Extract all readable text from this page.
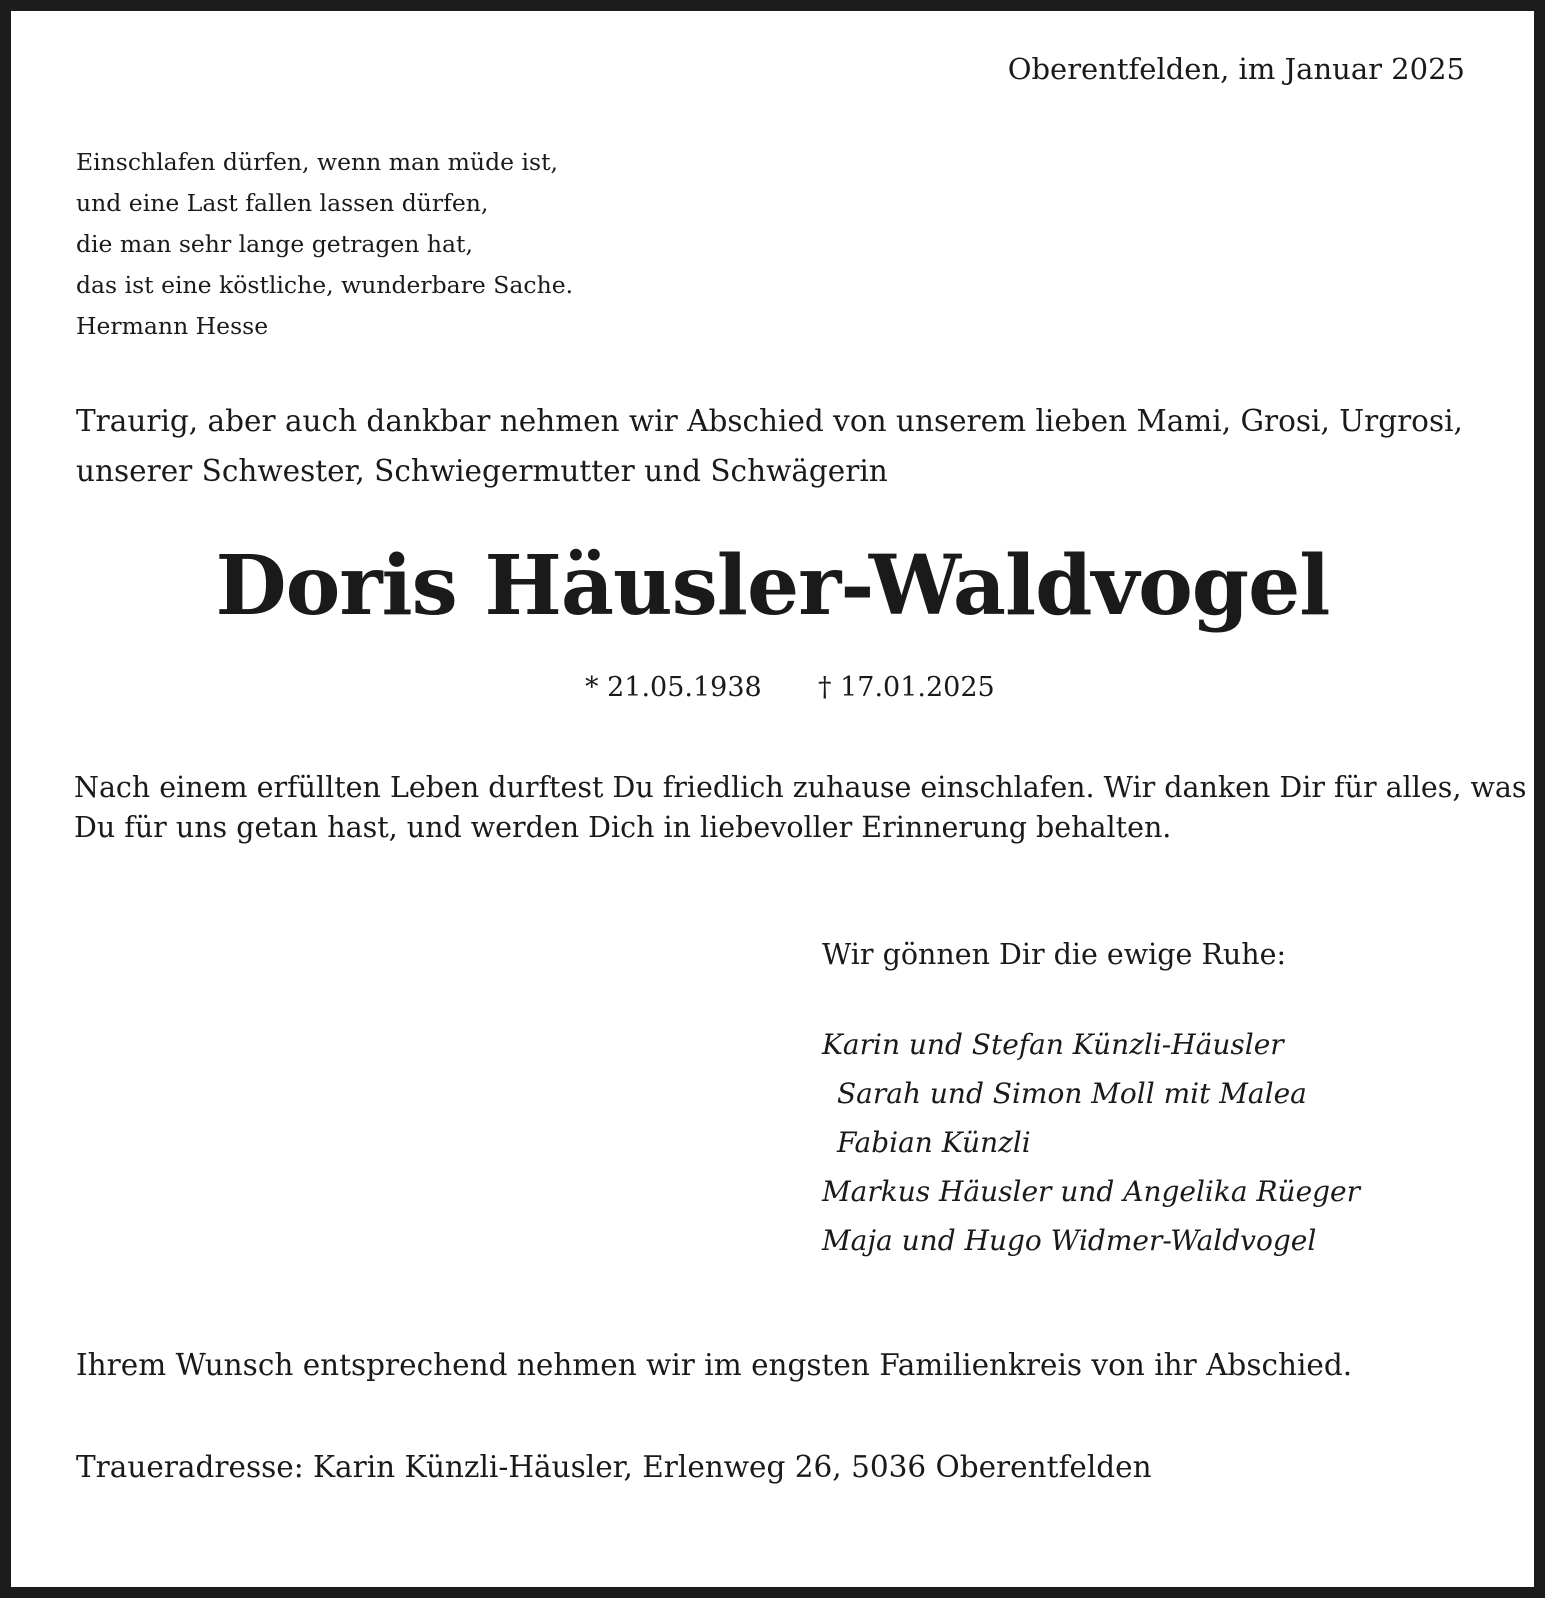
Oberentfelden, im Januar 2025

Einschlafen dürfen, wenn man müde ist,
und eine Last fallen lassen dürfen,
die man sehr lange getragen hat,
das ist eine köstliche, wunderbare Sache.
Hermann Hesse
Traurig, aber auch dankbar nehmen wir Abschied von unserem lieben Mami, Grosi, Urgrosi,
unserer Schwester, Schwiegermutter und Schwägerin
Doris Häusler-Waldvogel
* 21.05.1938 † 17.01.2025
Nach einem erfüllten Leben durftest Du friedlich zuhause einschlafen. Wir danken Dir für alles, was
Du für uns getan hast, und werden Dich in liebevoller Erinnerung behalten.

Wir gönnen Dir die ewige Ruhe:

Karin und Stefan Künzli-Häusler
Sarah und Simon Moll mit Malea
Fabian Künzli
Markus Häusler und Angelika Rüeger
Maja und Hugo Widmer-Waldvogel

Ihrem Wunsch entsprechend nehmen wir im engsten Familienkreis von ihr Abschied.

Traueradresse: Karin Künzli-Häusler, Erlenweg 26, 5036 Oberentfelden
